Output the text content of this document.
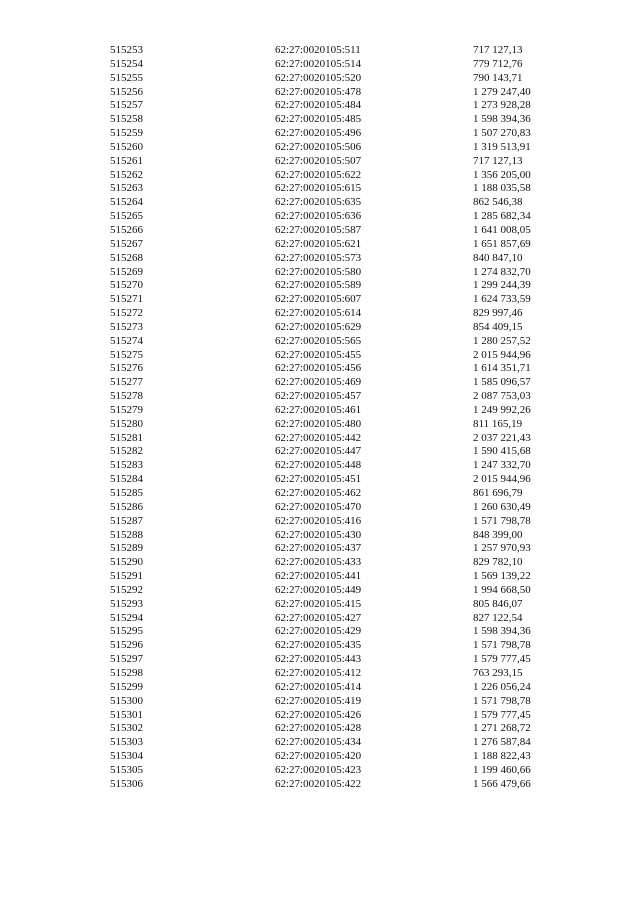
515253	62:27:0020105:511	717 127,13
515254	62:27:0020105:514	779 712,76
515255	62:27:0020105:520	790 143,71
515256	62:27:0020105:478	1 279 247,40
515257	62:27:0020105:484	1 273 928,28
515258	62:27:0020105:485	1 598 394,36
515259	62:27:0020105:496	1 507 270,83
515260	62:27:0020105:506	1 319 513,91
515261	62:27:0020105:507	717 127,13
515262	62:27:0020105:622	1 356 205,00
515263	62:27:0020105:615	1 188 035,58
515264	62:27:0020105:635	862 546,38
515265	62:27:0020105:636	1 285 682,34
515266	62:27:0020105:587	1 641 008,05
515267	62:27:0020105:621	1 651 857,69
515268	62:27:0020105:573	840 847,10
515269	62:27:0020105:580	1 274 832,70
515270	62:27:0020105:589	1 299 244,39
515271	62:27:0020105:607	1 624 733,59
515272	62:27:0020105:614	829 997,46
515273	62:27:0020105:629	854 409,15
515274	62:27:0020105:565	1 280 257,52
515275	62:27:0020105:455	2 015 944,96
515276	62:27:0020105:456	1 614 351,71
515277	62:27:0020105:469	1 585 096,57
515278	62:27:0020105:457	2 087 753,03
515279	62:27:0020105:461	1 249 992,26
515280	62:27:0020105:480	811 165,19
515281	62:27:0020105:442	2 037 221,43
515282	62:27:0020105:447	1 590 415,68
515283	62:27:0020105:448	1 247 332,70
515284	62:27:0020105:451	2 015 944,96
515285	62:27:0020105:462	861 696,79
515286	62:27:0020105:470	1 260 630,49
515287	62:27:0020105:416	1 571 798,78
515288	62:27:0020105:430	848 399,00
515289	62:27:0020105:437	1 257 970,93
515290	62:27:0020105:433	829 782,10
515291	62:27:0020105:441	1 569 139,22
515292	62:27:0020105:449	1 994 668,50
515293	62:27:0020105:415	805 846,07
515294	62:27:0020105:427	827 122,54
515295	62:27:0020105:429	1 598 394,36
515296	62:27:0020105:435	1 571 798,78
515297	62:27:0020105:443	1 579 777,45
515298	62:27:0020105:412	763 293,15
515299	62:27:0020105:414	1 226 056,24
515300	62:27:0020105:419	1 571 798,78
515301	62:27:0020105:426	1 579 777,45
515302	62:27:0020105:428	1 271 268,72
515303	62:27:0020105:434	1 276 587,84
515304	62:27:0020105:420	1 188 822,43
515305	62:27:0020105:423	1 199 460,66
515306	62:27:0020105:422	1 566 479,66
